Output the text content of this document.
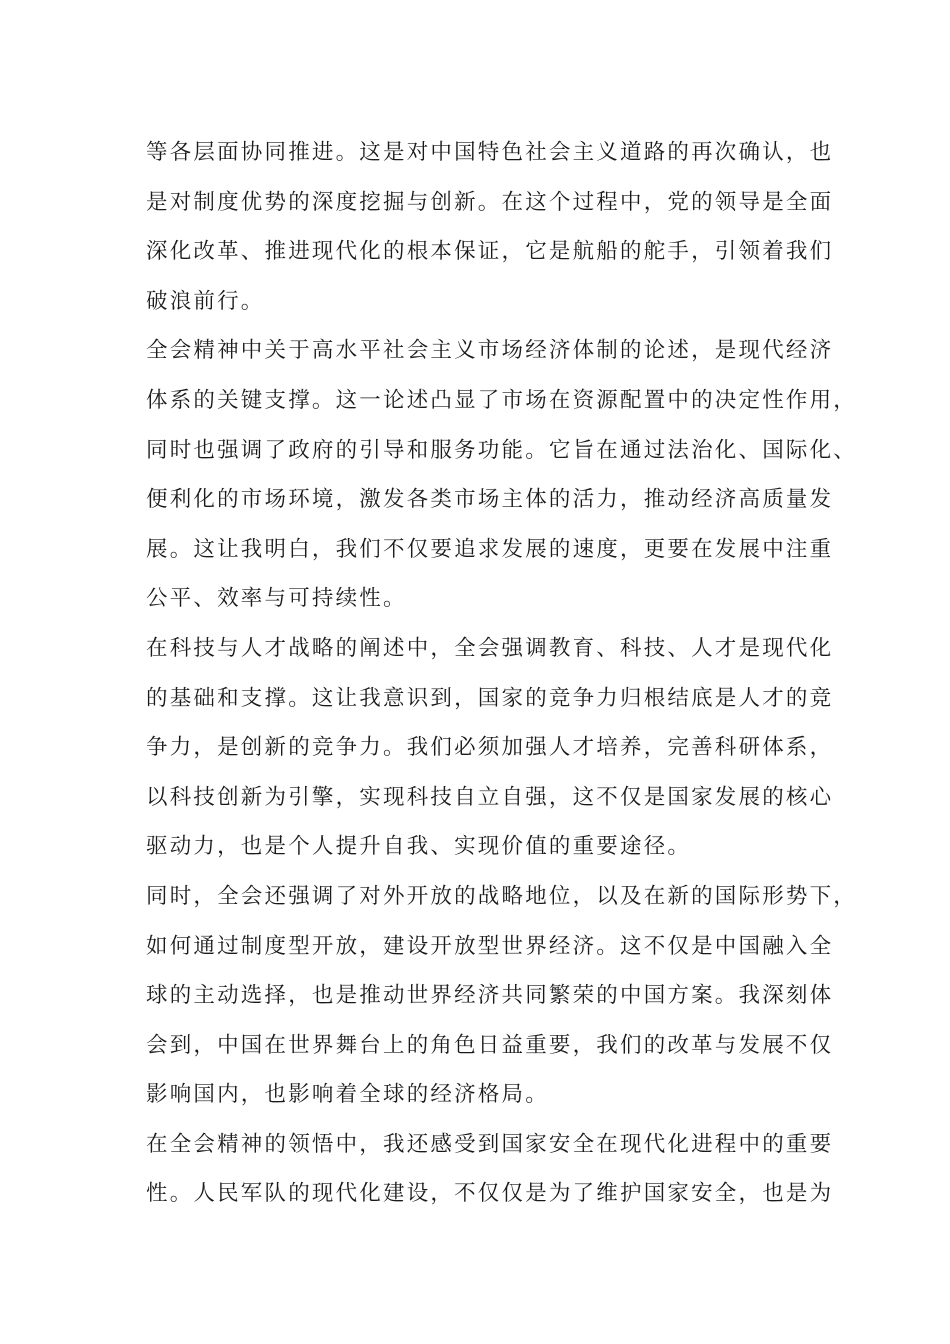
等各层面协同推进。这是对中国特色社会主义道路的再次确认，也
是对制度优势的深度挖掘与创新。在这个过程中，党的领导是全面
深化改革、推进现代化的根本保证，它是航船的舵手，引领着我们
破浪前行。
全会精神中关于高水平社会主义市场经济体制的论述，是现代经济
体系的关键支撑。这一论述凸显了市场在资源配置中的决定性作用，
同时也强调了政府的引导和服务功能。它旨在通过法治化、国际化、
便利化的市场环境，激发各类市场主体的活力，推动经济高质量发
展。这让我明白，我们不仅要追求发展的速度，更要在发展中注重
公平、效率与可持续性。
在科技与人才战略的阐述中，全会强调教育、科技、人才是现代化
的基础和支撑。这让我意识到，国家的竞争力归根结底是人才的竞
争力，是创新的竞争力。我们必须加强人才培养，完善科研体系，
以科技创新为引擎，实现科技自立自强，这不仅是国家发展的核心
驱动力，也是个人提升自我、实现价值的重要途径。
同时，全会还强调了对外开放的战略地位，以及在新的国际形势下，
如何通过制度型开放，建设开放型世界经济。这不仅是中国融入全
球的主动选择，也是推动世界经济共同繁荣的中国方案。我深刻体
会到，中国在世界舞台上的角色日益重要，我们的改革与发展不仅
影响国内，也影响着全球的经济格局。
在全会精神的领悟中，我还感受到国家安全在现代化进程中的重要
性。人民军队的现代化建设，不仅仅是为了维护国家安全，也是为
